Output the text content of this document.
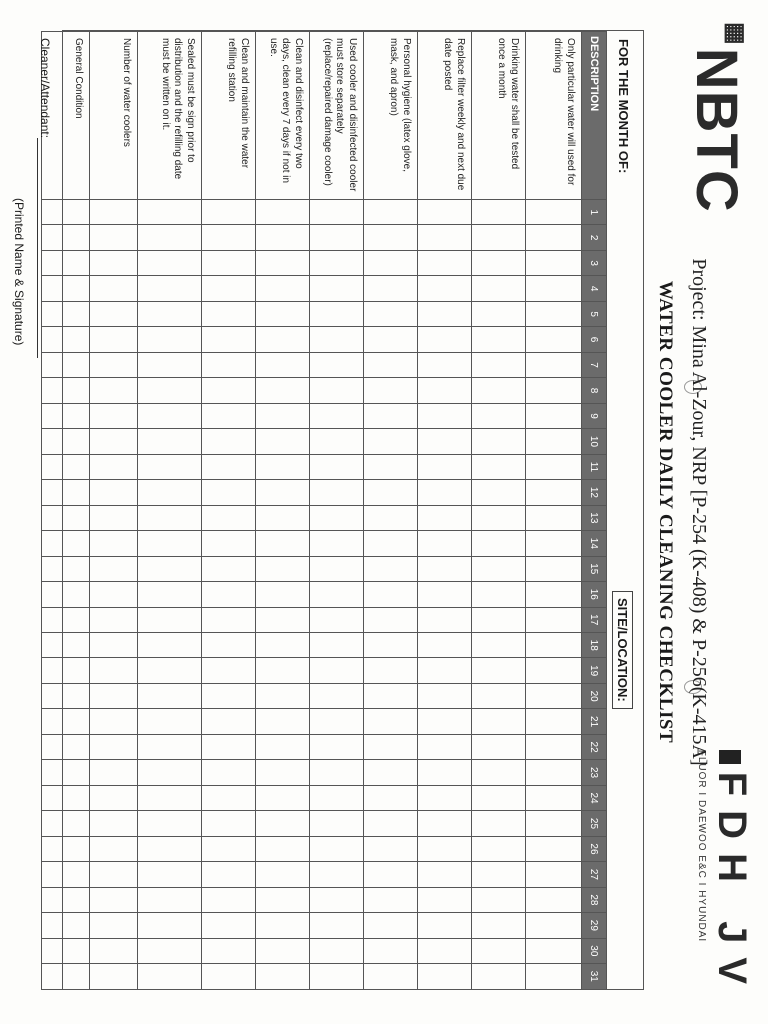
▦NBTC
FDH JV
FLUOR I DAEWOO E&C I HYUNDAI
Project: Mina Al-Zour, NRP [P-254 (K-408) & P-256(K-415A]
WATER COOLER DAILY CLEANING CHECKLIST
FOR THE MONTH OF:
SITE/LOCATION:
DESCRIPTION	1	2	3	4	5	6	7	8	9	10	11	12	13	14	15	16	17	18	19	20	21	22	23	24	25	26	27	28	29	30	31
Only particular water will used for drinking																															
Drinking water shall be tested once a month																															
Replace filter weekly and next due date posted																															
Personal hygiene (latex glove, mask, and apron)																															
Used cooler and disinfected cooler must store separately (replace/repaired damage cooler)																															
Clean and disinfect every two days, clean every 7 days if not in use.																															
Clean and maintain the water refilling station																															
Sealed must be sign prior to distribution and the refilling date must be written on it.																															
Number of water coolers																															
General Condition																															
Cleaner/Attendant:
(Printed Name & Signature)
